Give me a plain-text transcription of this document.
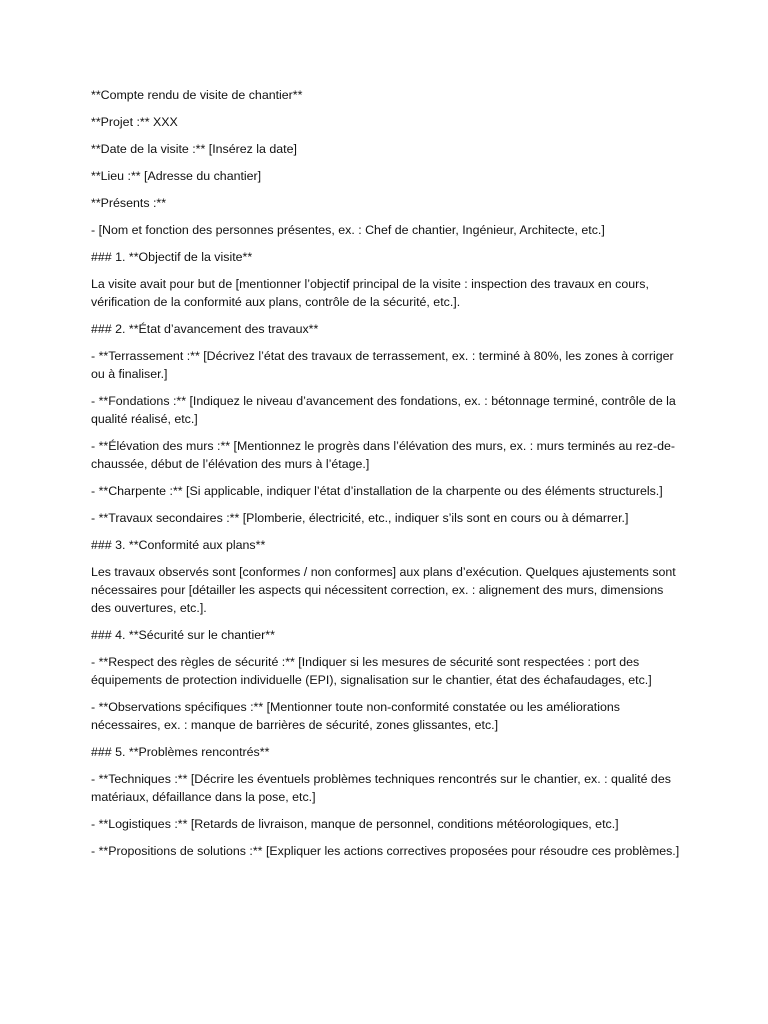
**Compte rendu de visite de chantier**

**Projet :** XXX

**Date de la visite :** [Insérez la date]

**Lieu :** [Adresse du chantier]

**Présents :**

- [Nom et fonction des personnes présentes, ex. : Chef de chantier, Ingénieur, Architecte, etc.]

### 1. **Objectif de la visite**

La visite avait pour but de [mentionner l’objectif principal de la visite : inspection des travaux en cours, vérification de la conformité aux plans, contrôle de la sécurité, etc.].

### 2. **État d’avancement des travaux**

- **Terrassement :** [Décrivez l’état des travaux de terrassement, ex. : terminé à 80%, les zones à corriger ou à finaliser.]

- **Fondations :** [Indiquez le niveau d’avancement des fondations, ex. : bétonnage terminé, contrôle de la qualité réalisé, etc.]

- **Élévation des murs :** [Mentionnez le progrès dans l’élévation des murs, ex. : murs terminés au rez-de-chaussée, début de l’élévation des murs à l’étage.]

- **Charpente :** [Si applicable, indiquer l’état d’installation de la charpente ou des éléments structurels.]

- **Travaux secondaires :** [Plomberie, électricité, etc., indiquer s’ils sont en cours ou à démarrer.]

### 3. **Conformité aux plans**

Les travaux observés sont [conformes / non conformes] aux plans d’exécution. Quelques ajustements sont nécessaires pour [détailler les aspects qui nécessitent correction, ex. : alignement des murs, dimensions des ouvertures, etc.].

### 4. **Sécurité sur le chantier**

- **Respect des règles de sécurité :** [Indiquer si les mesures de sécurité sont respectées : port des équipements de protection individuelle (EPI), signalisation sur le chantier, état des échafaudages, etc.]

- **Observations spécifiques :** [Mentionner toute non-conformité constatée ou les améliorations nécessaires, ex. : manque de barrières de sécurité, zones glissantes, etc.]

### 5. **Problèmes rencontrés**

- **Techniques :** [Décrire les éventuels problèmes techniques rencontrés sur le chantier, ex. : qualité des matériaux, défaillance dans la pose, etc.]

- **Logistiques :** [Retards de livraison, manque de personnel, conditions météorologiques, etc.]

- **Propositions de solutions :** [Expliquer les actions correctives proposées pour résoudre ces problèmes.]
